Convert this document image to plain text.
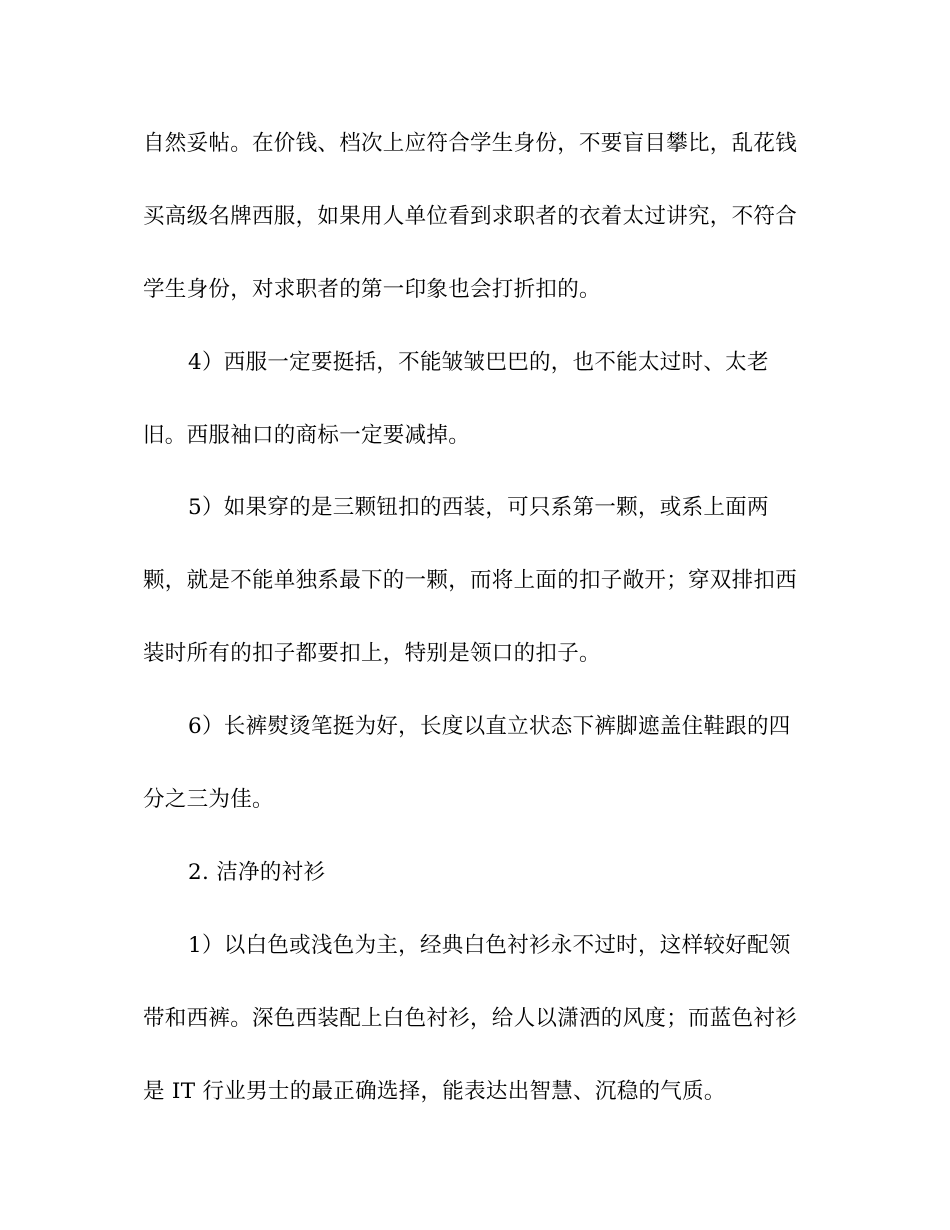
自然妥帖。在价钱、档次上应符合学生身份，不要盲目攀比，乱花钱
买高级名牌西服，如果用人单位看到求职者的衣着太过讲究，不符合
学生身份，对求职者的第一印象也会打折扣的。
4）西服一定要挺括，不能皱皱巴巴的，也不能太过时、太老
旧。西服袖口的商标一定要减掉。
5）如果穿的是三颗钮扣的西装，可只系第一颗，或系上面两
颗，就是不能单独系最下的一颗，而将上面的扣子敞开；穿双排扣西
装时所有的扣子都要扣上，特别是领口的扣子。
6）长裤熨烫笔挺为好，长度以直立状态下裤脚遮盖住鞋跟的四
分之三为佳。
2. 洁净的衬衫
1）以白色或浅色为主，经典白色衬衫永不过时，这样较好配领
带和西裤。深色西装配上白色衬衫，给人以潇洒的风度；而蓝色衬衫
是 IT 行业男士的最正确选择，能表达出智慧、沉稳的气质。
